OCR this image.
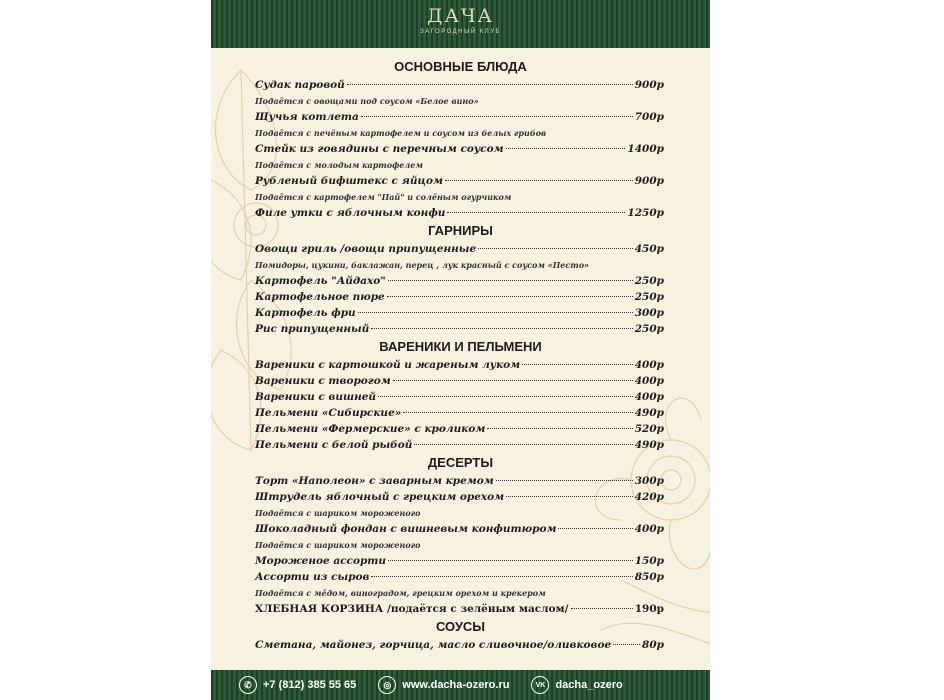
ДАЧА
ЗАГОРОДНЫЙ КЛУБ
ОСНОВНЫЕ БЛЮДА
Судак паровой	900р
Подаётся с овощами под соусом «Белое вино»
Щучья котлета	700р
Подаётся с печёным картофелем и соусом из белых грибов
Стейк из говядины с перечным соусом	1400р
Подаётся с молодым картофелем
Рубленый бифштекс с яйцом	900р
Подаётся с картофелем "Пай" и солёным огурчиком
Филе утки с яблочным конфи	1250р
ГАРНИРЫ
Овощи гриль /овощи припущенные	450р
Помидоры, цукини, баклажан, перец , лук красный с соусом «Песто»
Картофель "Айдахо"	250р
Картофельное пюре	250р
Картофель фри	300р
Рис припущенный	250р
ВАРЕНИКИ И ПЕЛЬМЕНИ
Вареники с картошкой и жареным луком	400р
Вареники с творогом	400р
Вареники с вишней	400р
Пельмени «Сибирские»	490р
Пельмени «Фермерские» с кроликом	520р
Пельмени с белой рыбой	490р
ДЕСЕРТЫ
Торт «Наполеон» с заварным кремом	300р
Штрудель яблочный с грецким орехом	420р
Подаётся с шариком мороженого
Шоколадный фондан с вишневым конфитюром	400р
Подаётся с шариком мороженого
Мороженое ассорти	150р
Ассорти из сыров	850р
Подаётся с мёдом, виноградом, грецким орехом и крекером
ХЛЕБНАЯ КОРЗИНА /подаётся с зелёным маслом/	190р
СОУСЫ
Сметана, майонез, горчица, масло сливочное/оливковое	80р
✆	+7 (812) 385 55 65	◎	www.dacha-ozero.ru	VK dacha_ozero
